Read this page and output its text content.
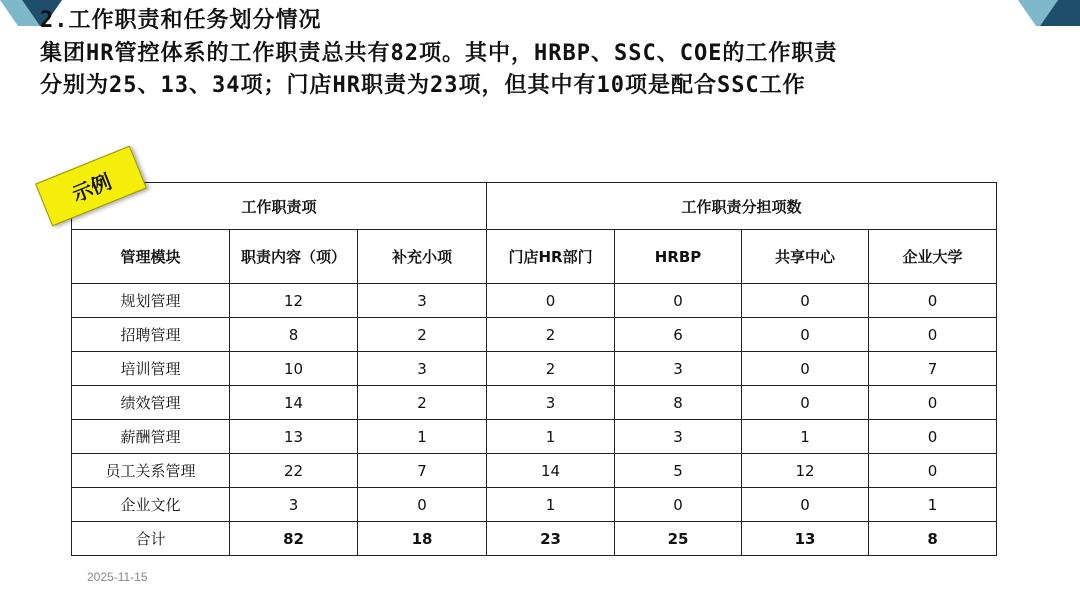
2.工作职责和任务划分情况

集团HR管控体系的工作职责总共有82项。其中，HRBP、SSC、COE的工作职责
分别为25、13、34项；门店HR职责为23项，但其中有10项是配合SSC工作

示例
工作职责项			工作职责分担项数			
管理模块	职责内容（项）	补充小项	门店HR部门	HRBP	共享中心	企业大学
规划管理	12	3	0	0	0	0
招聘管理	8	2	2	6	0	0
培训管理	10	3	2	3	0	7
绩效管理	14	2	3	8	0	0
薪酬管理	13	1	1	3	1	0
员工关系管理	22	7	14	5	12	0
企业文化	3	0	1	0	0	1
合计	82	18	23	25	13	8
2025-11-15
